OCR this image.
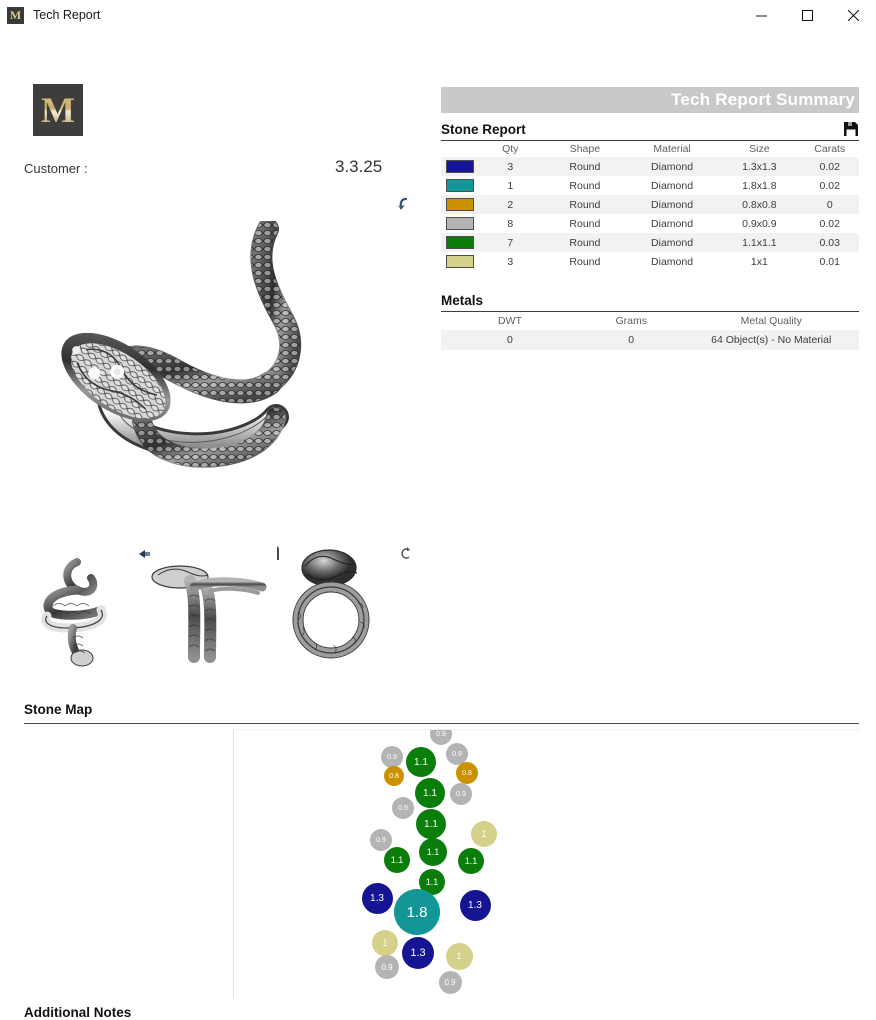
M Tech Report
M
Customer :	3.3.25
Stone Map
0.9
0.9	0.9
1.1
0.8	0.8
1.1	0.9
0.9
1.1
1
0.9
1.1
1.1	1.1
1.1
1.3
1.8	1.3
1
1.3	1
0.9
0.9
Additional Notes
Tech Report Summary
Stone Report
	Qty	Shape	Material	Size	Carats

	3	Round	Diamond	1.3x1.3	0.02

	1	Round	Diamond	1.8x1.8	0.02

	2	Round	Diamond	0.8x0.8	0

	8	Round	Diamond	0.9x0.9	0.02

	7	Round	Diamond	1.1x1.1	0.03

	3	Round	Diamond	1x1	0.01
Metals
DWT	Grams	Metal Quality
0	0	64 Object(s) - No Material
